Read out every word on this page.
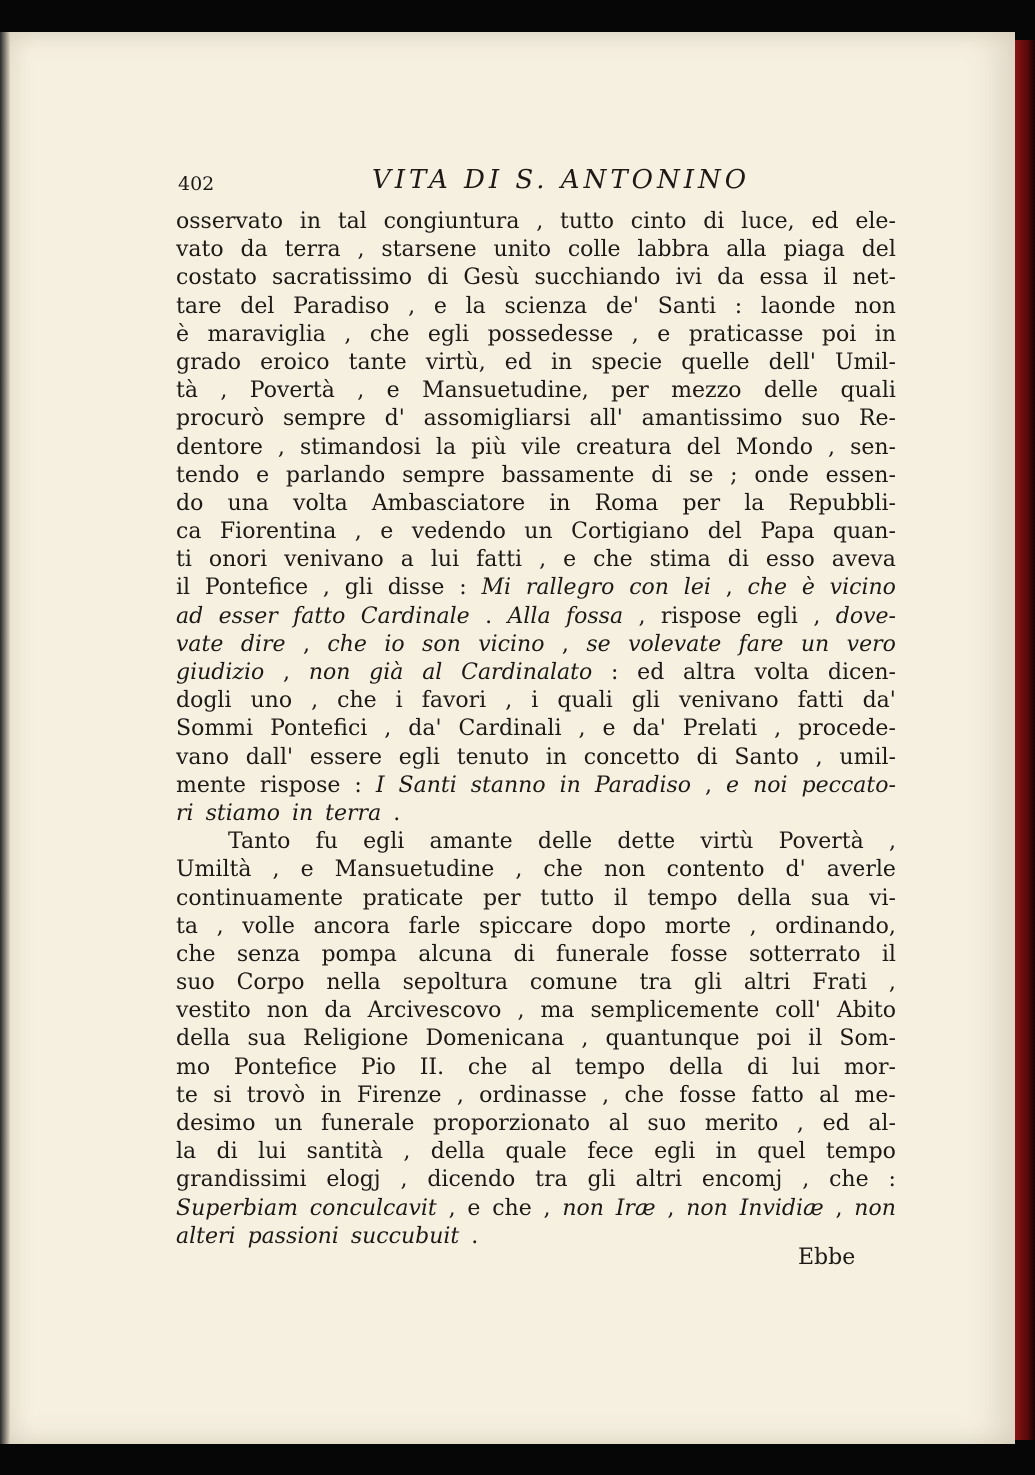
402	VITA DI S. ANTONINO
osservato in tal congiuntura , tutto cinto di luce, ed ele-
vato da terra , starsene unito colle labbra alla piaga del
costato sacratissimo di Gesù succhiando ivi da essa il net-
tare del Paradiso , e la scienza de' Santi : laonde non
è maraviglia , che egli possedesse , e praticasse poi in
grado eroico tante virtù, ed in specie quelle dell' Umil-
tà , Povertà , e Mansuetudine, per mezzo delle quali
procurò sempre d' assomigliarsi all' amantissimo suo Re-
dentore , stimandosi la più vile creatura del Mondo , sen-
tendo e parlando sempre bassamente di se ; onde essen-
do una volta Ambasciatore in Roma per la Repubbli-
ca Fiorentina , e vedendo un Cortigiano del Papa quan-
ti onori venivano a lui fatti , e che stima di esso aveva
il Pontefice , gli disse : Mi rallegro con lei , che è vicino
ad esser fatto Cardinale . Alla fossa , rispose egli , dove-
vate dire , che io son vicino , se volevate fare un vero
giudizio , non già al Cardinalato : ed altra volta dicen-
dogli uno , che i favori , i quali gli venivano fatti da'
Sommi Pontefici , da' Cardinali , e da' Prelati , procede-
vano dall' essere egli tenuto in concetto di Santo , umil-
mente rispose : I Santi stanno in Paradiso , e noi peccato-
ri stiamo in terra .
Tanto fu egli amante delle dette virtù Povertà ,
Umiltà , e Mansuetudine , che non contento d' averle
continuamente praticate per tutto il tempo della sua vi-
ta , volle ancora farle spiccare dopo morte , ordinando,
che senza pompa alcuna di funerale fosse sotterrato il
suo Corpo nella sepoltura comune tra gli altri Frati ,
vestito non da Arcivescovo , ma semplicemente coll' Abito
della sua Religione Domenicana , quantunque poi il Som-
mo Pontefice Pio II. che al tempo della di lui mor-
te si trovò in Firenze , ordinasse , che fosse fatto al me-
desimo un funerale proporzionato al suo merito , ed al-
la di lui santità , della quale fece egli in quel tempo
grandissimi elogj , dicendo tra gli altri encomj , che :
Superbiam conculcavit , e che , non Iræ , non Invidiæ , non
alteri passioni succubuit .
Ebbe
